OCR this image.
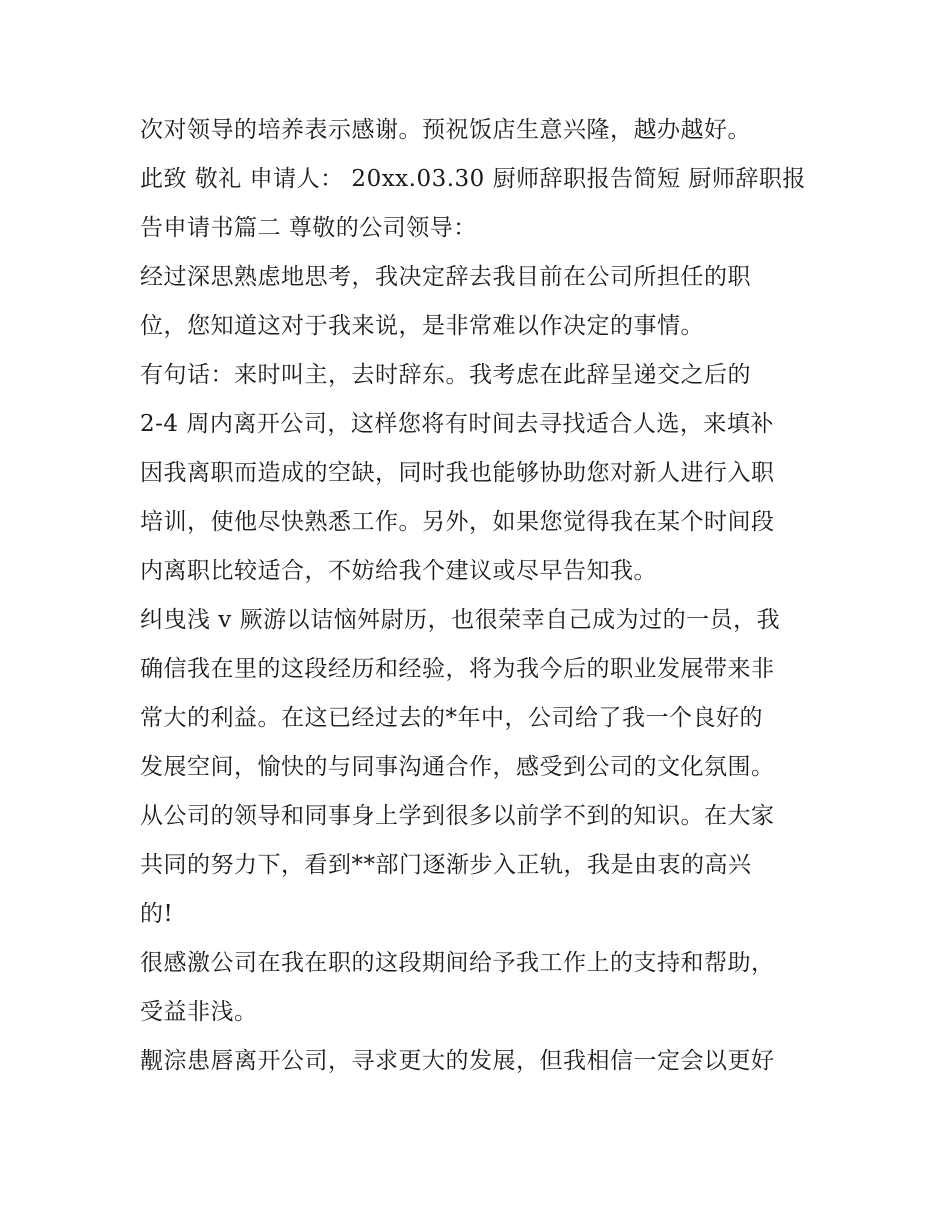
次对领导的培养表示感谢。预祝饭店生意兴隆，越办越好。
此致 敬礼 申请人： 20xx.03.30 厨师辞职报告简短 厨师辞职报
告申请书篇二 尊敬的公司领导：
经过深思熟虑地思考，我决定辞去我目前在公司所担任的职
位，您知道这对于我来说，是非常难以作决定的事情。
有句话：来时叫主，去时辞东。我考虑在此辞呈递交之后的
2-4 周内离开公司，这样您将有时间去寻找适合人选，来填补
因我离职而造成的空缺，同时我也能够协助您对新人进行入职
培训，使他尽快熟悉工作。另外，如果您觉得我在某个时间段
内离职比较适合，不妨给我个建议或尽早告知我。
纠曳浅 v 厥游以诘恼舛尉历，也很荣幸自己成为过的一员，我
确信我在里的这段经历和经验，将为我今后的职业发展带来非
常大的利益。在这已经过去的*年中，公司给了我一个良好的
发展空间，愉快的与同事沟通合作，感受到公司的文化氛围。
从公司的领导和同事身上学到很多以前学不到的知识。在大家
共同的努力下，看到**部门逐渐步入正轨，我是由衷的高兴
的!
很感激公司在我在职的这段期间给予我工作上的支持和帮助，
受益非浅。
觏淙患唇离开公司，寻求更大的发展，但我相信一定会以更好
